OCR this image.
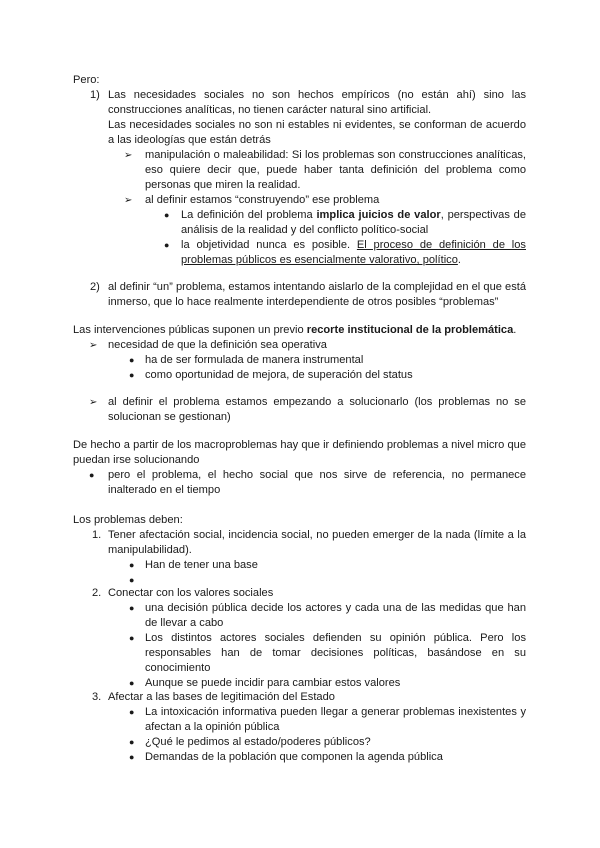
Pero:
1) Las necesidades sociales no son hechos empíricos (no están ahí) sino las
construcciones analíticas, no tienen carácter natural sino artificial.
Las necesidades sociales no son ni estables ni evidentes, se conforman de acuerdo
a las ideologías que están detrás
➢ manipulación o maleabilidad: Si los problemas son construcciones analíticas,
eso quiere decir que, puede haber tanta definición del problema como
personas que miren la realidad.
➢ al definir estamos “construyendo” ese problema
● La definición del problema implica juicios de valor, perspectivas de
análisis de la realidad y del conflicto político-social
● la objetividad nunca es posible. El proceso de definición de los
problemas públicos es esencialmente valorativo, político.
2) al definir “un” problema, estamos intentando aislarlo de la complejidad en el que está
inmerso, que lo hace realmente interdependiente de otros posibles “problemas”
Las intervenciones públicas suponen un previo recorte institucional de la problemática.
➢ necesidad de que la definición sea operativa
● ha de ser formulada de manera instrumental
● como oportunidad de mejora, de superación del status
➢ al definir el problema estamos empezando a solucionarlo (los problemas no se
solucionan se gestionan)
De hecho a partir de los macroproblemas hay que ir definiendo problemas a nivel micro que
puedan irse solucionando
● pero el problema, el hecho social que nos sirve de referencia, no permanece
inalterado en el tiempo
Los problemas deben:
1. Tener afectación social, incidencia social, no pueden emerger de la nada (límite a la
manipulabilidad).
● Han de tener una base
●
2. Conectar con los valores sociales
● una decisión pública decide los actores y cada una de las medidas que han
de llevar a cabo
● Los distintos actores sociales defienden su opinión pública. Pero los
responsables han de tomar decisiones políticas, basándose en su
conocimiento
● Aunque se puede incidir para cambiar estos valores
3. Afectar a las bases de legitimación del Estado
● La intoxicación informativa pueden llegar a generar problemas inexistentes y
afectan a la opinión pública
● ¿Qué le pedimos al estado/poderes públicos?
● Demandas de la población que componen la agenda pública
